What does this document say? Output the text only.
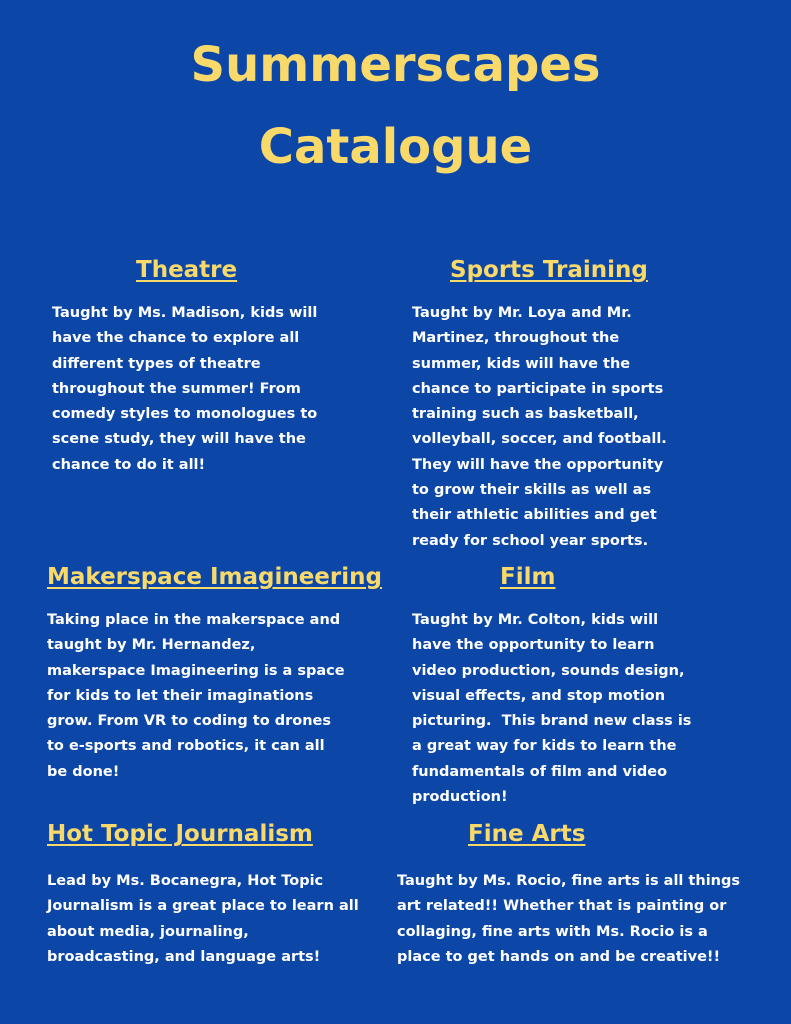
Summerscapes
Catalogue
Theatre
Taught by Ms. Madison, kids will
have the chance to explore all
different types of theatre
throughout the summer! From
comedy styles to monologues to
scene study, they will have the
chance to do it all!
Sports Training
Taught by Mr. Loya and Mr.
Martinez, throughout the
summer, kids will have the
chance to participate in sports
training such as basketball,
volleyball, soccer, and football.
They will have the opportunity
to grow their skills as well as
their athletic abilities and get
ready for school year sports.
Makerspace Imagineering
Taking place in the makerspace and
taught by Mr. Hernandez,
makerspace Imagineering is a space
for kids to let their imaginations
grow. From VR to coding to drones
to e-sports and robotics, it can all
be done!
Film
Taught by Mr. Colton, kids will
have the opportunity to learn
video production, sounds design,
visual effects, and stop motion
picturing.  This brand new class is
a great way for kids to learn the
fundamentals of film and video
production!
Hot Topic Journalism
Lead by Ms. Bocanegra, Hot Topic
Journalism is a great place to learn all
about media, journaling,
broadcasting, and language arts!
Fine Arts
Taught by Ms. Rocio, fine arts is all things
art related!! Whether that is painting or
collaging, fine arts with Ms. Rocio is a
place to get hands on and be creative!!
